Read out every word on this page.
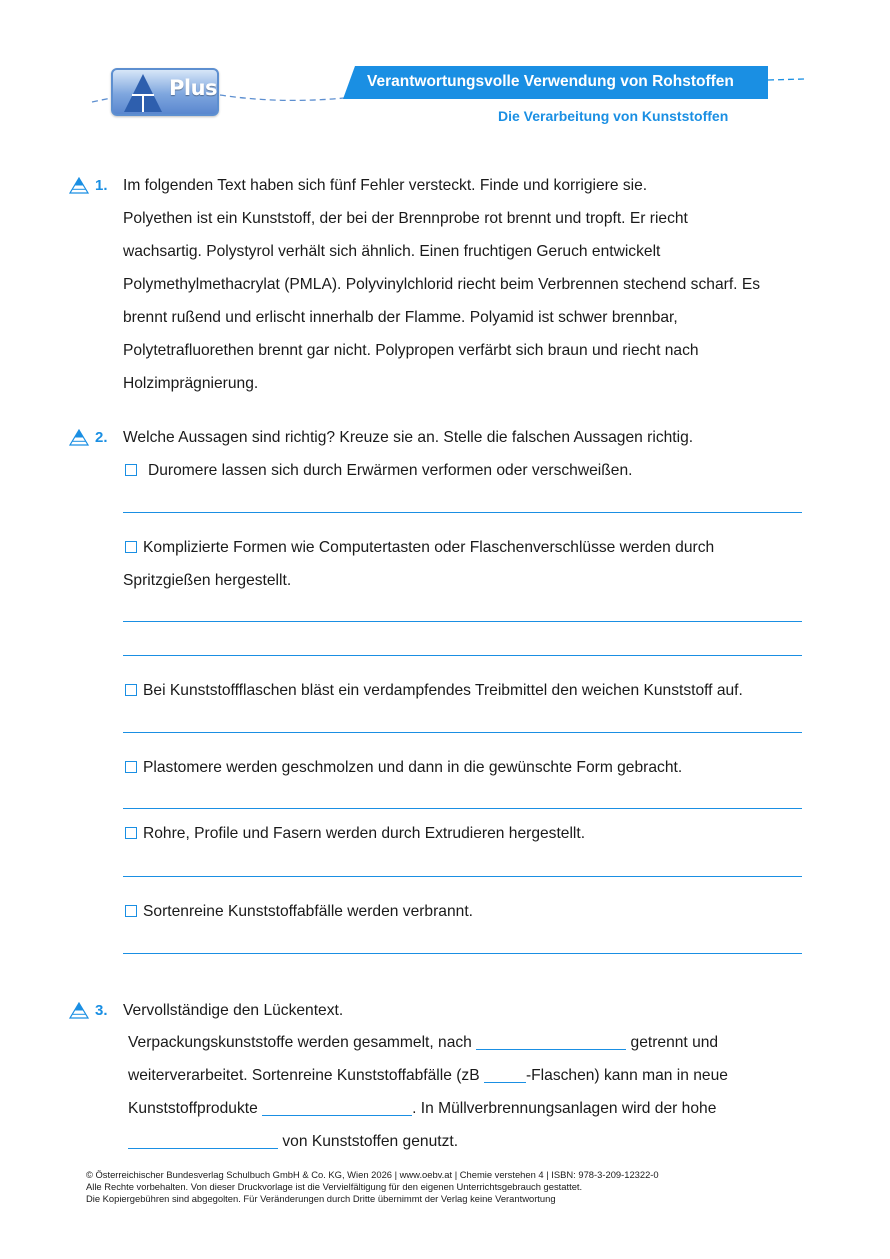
Plus	Verantwortungsvolle Verwendung von Rohstoffen
Die Verarbeitung von Kunststoffen
1. Im folgenden Text haben sich fünf Fehler versteckt. Finde und korrigiere sie.
Polyethen ist ein Kunststoff, der bei der Brennprobe rot brennt und tropft. Er riecht
wachsartig. Polystyrol verhält sich ähnlich. Einen fruchtigen Geruch entwickelt
Polymethylmethacrylat (PMLA). Polyvinylchlorid riecht beim Verbrennen stechend scharf. Es
brennt rußend und erlischt innerhalb der Flamme. Polyamid ist schwer brennbar,
Polytetrafluorethen brennt gar nicht. Polypropen verfärbt sich braun und riecht nach
Holzimprägnierung.
2. Welche Aussagen sind richtig? Kreuze sie an. Stelle die falschen Aussagen richtig.
Duromere lassen sich durch Erwärmen verformen oder verschweißen.
Komplizierte Formen wie Computertasten oder Flaschenverschlüsse werden durch
Spritzgießen hergestellt.
Bei Kunststoffflaschen bläst ein verdampfendes Treibmittel den weichen Kunststoff auf.
Plastomere werden geschmolzen und dann in die gewünschte Form gebracht.
Rohre, Profile und Fasern werden durch Extrudieren hergestellt.
Sortenreine Kunststoffabfälle werden verbrannt.
3. Vervollständige den Lückentext.
Verpackungskunststoffe werden gesammelt, nach	getrennt und
weiterverarbeitet. Sortenreine Kunststoffabfälle (zB	-Flaschen) kann man in neue
Kunststoffprodukte	. In Müllverbrennungsanlagen wird der hohe
von Kunststoffen genutzt.
© Österreichischer Bundesverlag Schulbuch GmbH & Co. KG, Wien 2026 | www.oebv.at | Chemie verstehen 4 | ISBN: 978-3-209-12322-0
Alle Rechte vorbehalten. Von dieser Druckvorlage ist die Vervielfältigung für den eigenen Unterrichtsgebrauch gestattet.
Die Kopiergebühren sind abgegolten. Für Veränderungen durch Dritte übernimmt der Verlag keine Verantwortung
